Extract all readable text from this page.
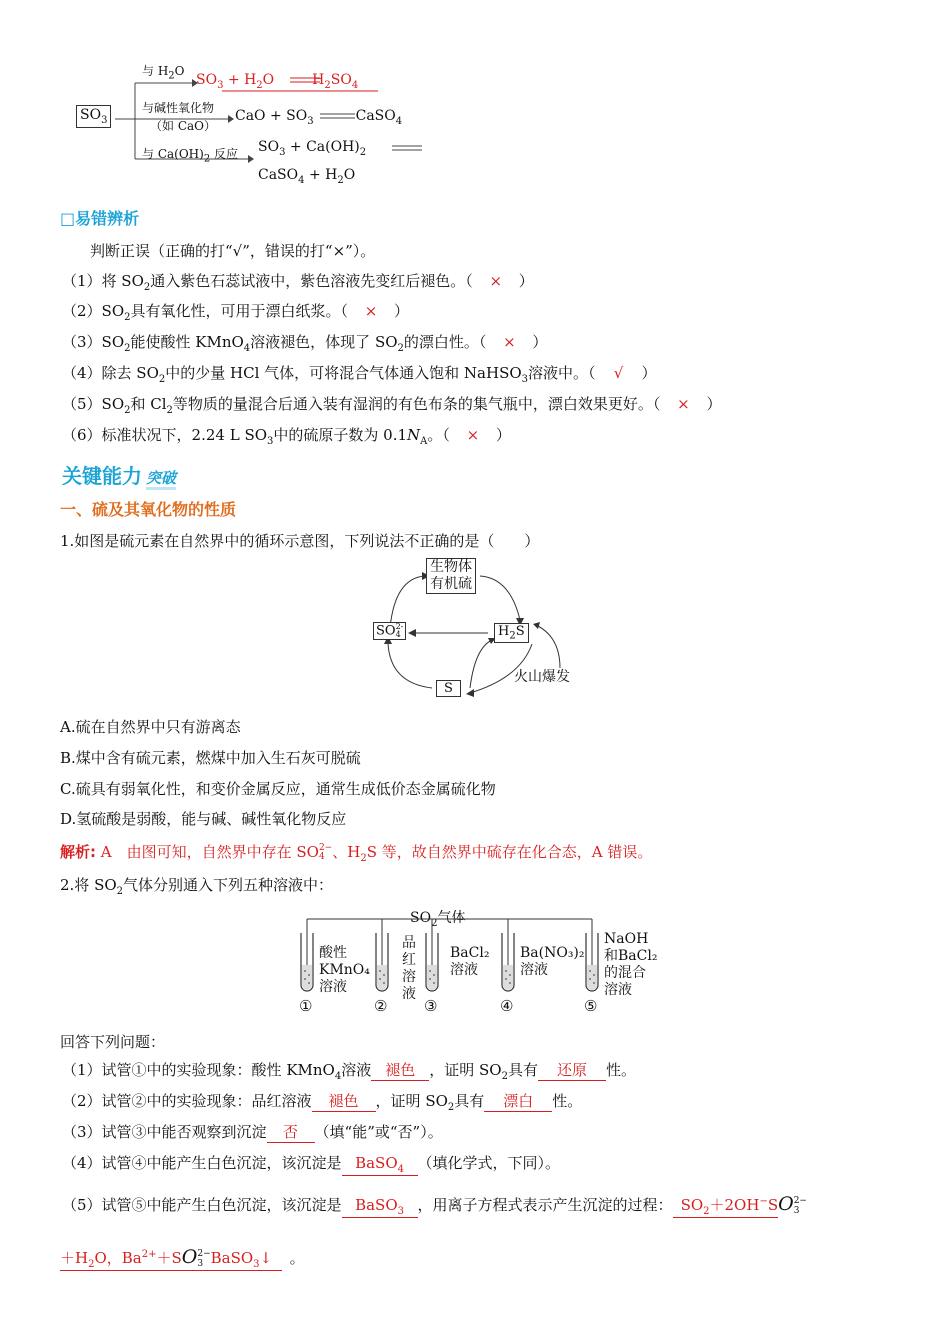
$SO_3$
与 $H_2O$
$SO_3 + H_2O$	$H_2SO_4$
与碱性氧化物
（如 CaO）
CaO + $SO_3$	CaSO$_4$
与 $Ca(OH)_2$ 反应 $SO_3 + Ca(OH)_2$
CaSO$_4$ + $H_2O$
□易错辨析
判断正误（正确的打“√”，错误的打“×”）。
（1）将 $SO_2$通入紫色石蕊试液中，紫色溶液先变红后褪色。（ × ）
$(2)SO_2$具有氧化性，可用于漂白纸浆。（ × ）
$(3)SO_2$能使酸性 KMnO$_4$溶液褪色，体现了 $SO_2$的漂白性。（ × ）
（4）除去 $SO_2$中的少量 HCl 气体，可将混合气体通入饱和 NaHSO$_3$溶液中。（ √ ）
$(5)SO_2$和 $Cl_2$等物质的量混合后通入装有湿润的有色布条的集气瓶中，漂白效果更好。（ × ）
（6）标准状况下，2.24 L $SO_3$中的硫原子数为 $0.1N_A$。（ × ）
关键能力 突破
一、硫及其氧化物的性质
1.如图是硫元素在自然界中的循环示意图，下列说法不正确的是（　　）
生物体
有机硫
SO 2-
4	$H_2S$
S
火山爆发
A.硫在自然界中只有游离态
B.煤中含有硫元素，燃煤中加入生石灰可脱硫
C.硫具有弱氧化性，和变价金属反应，通常生成低价态金属硫化物
D.氢硫酸是弱酸，能与碱、碱性氧化物反应
解析: A　由图可知，自然界中存在 SO 2−
4 、$H_2S$ 等，故自然界中硫存在化合态，A 错误。
2.将 $SO_2$气体分别通入下列五种溶液中：
$SO_2$气体
酸性
KMnO₄
溶液
①
品
红
溶
液
②
BaCl₂
溶液
③
Ba(NO₃)₂
溶液
④
NaOH
和BaCl₂
的混合
溶液
⑤
回答下列问题：
（1）试管①中的实验现象：酸性 KMnO$_4$溶液 褪色 ，证明 $SO_2$具有 还原 性。
（2）试管②中的实验现象：品红溶液 褪色 ，证明 $SO_2$具有 漂白 性。
（3）试管③中能否观察到沉淀 否 （填“能”或“否”）。
（4）试管④中能产生白色沉淀，该沉淀是 BaSO$_4$ （填化学式，下同）。
（5）试管⑤中能产生白色沉淀，该沉淀是 BaSO$_3$ ，用离子方程式表示产生沉淀的过程： $SO_2+2OH^-SO$ 2−
3
$+H_2O$，$Ba^{2+}+SO$ 2−
3 BaSO$_3$↓ 。
